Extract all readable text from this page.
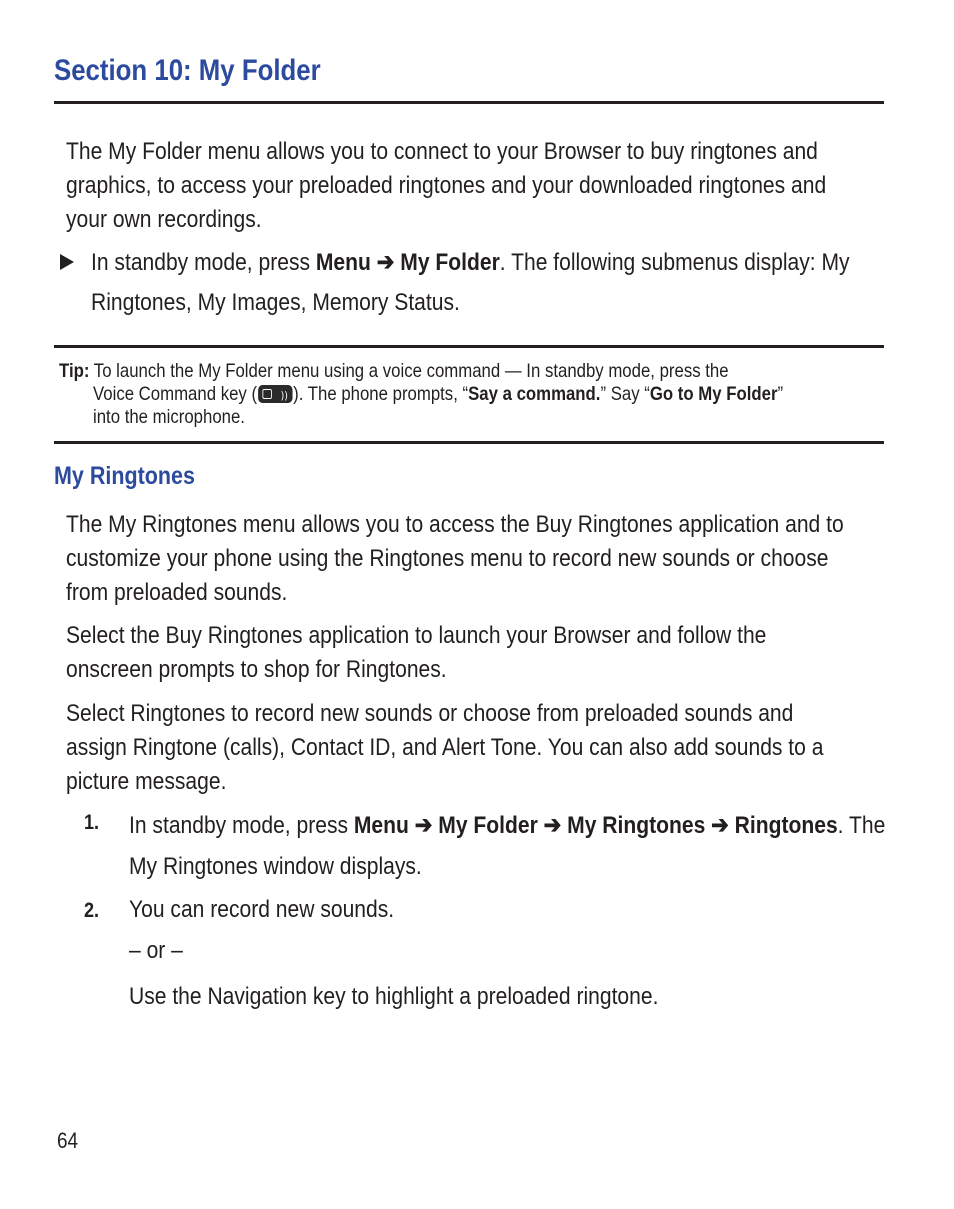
Section 10: My Folder
The My Folder menu allows you to connect to your Browser to buy ringtones and
graphics, to access your preloaded ringtones and your downloaded ringtones and
your own recordings.
In standby mode, press Menu ➔ My Folder. The following submenus display: My
Ringtones, My Images, Memory Status.
Tip: To launch the My Folder menu using a voice command — In standby mode, press the
Voice Command key ()) ). The phone prompts, “Say a command.” Say “Go to My Folder”
into the microphone.
My Ringtones
The My Ringtones menu allows you to access the Buy Ringtones application and to
customize your phone using the Ringtones menu to record new sounds or choose
from preloaded sounds.
Select the Buy Ringtones application to launch your Browser and follow the
onscreen prompts to shop for Ringtones.
Select Ringtones to record new sounds or choose from preloaded sounds and
assign Ringtone (calls), Contact ID, and Alert Tone. You can also add sounds to a
picture message.
1. In standby mode, press Menu ➔ My Folder ➔ My Ringtones ➔ Ringtones. The
My Ringtones window displays.
2. You can record new sounds.
– or –
Use the Navigation key to highlight a preloaded ringtone.
64
